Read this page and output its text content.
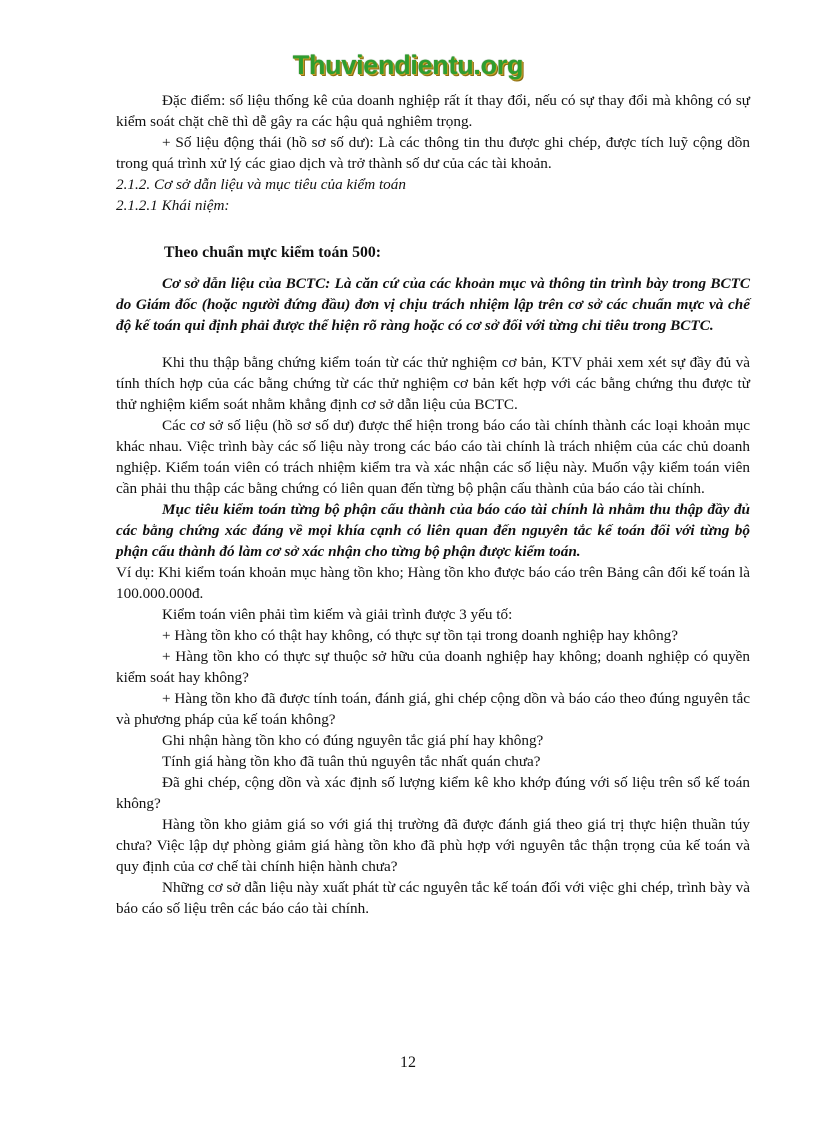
Thuviendientu.org

Đặc điểm: số liệu thống kê của doanh nghiệp rất ít thay đổi, nếu có sự thay đổi mà không có sự kiểm soát chặt chẽ thì dễ gây ra các hậu quả nghiêm trọng.

+ Số liệu động thái (hồ sơ số dư): Là các thông tin thu được ghi chép, được tích luỹ cộng dồn trong quá trình xử lý các giao dịch và trở thành số dư của các tài khoản.

2.1.2. Cơ sở dẫn liệu và mục tiêu của kiểm toán

2.1.2.1 Khái niệm:

Theo chuẩn mực kiểm toán 500:

Cơ sở dẫn liệu của BCTC: Là căn cứ của các khoản mục và thông tin trình bày trong BCTC do Giám đốc (hoặc người đứng đầu) đơn vị chịu trách nhiệm lập trên cơ sở các chuẩn mực và chế độ kế toán qui định phải được thể hiện rõ ràng hoặc có cơ sở đối với từng chỉ tiêu trong BCTC.

Khi thu thập bằng chứng kiểm toán từ các thử nghiệm cơ bản, KTV phải xem xét sự đầy đủ và tính thích hợp của các bằng chứng từ các thử nghiệm cơ bản kết hợp với các bằng chứng thu được từ thử nghiệm kiểm soát nhằm khẳng định cơ sở dẫn liệu của BCTC.

Các cơ sở số liệu (hồ sơ số dư) được thể hiện trong báo cáo tài chính thành các loại khoản mục khác nhau. Việc trình bày các số liệu này trong các báo cáo tài chính là trách nhiệm của các chủ doanh nghiệp. Kiểm toán viên có trách nhiệm kiểm tra và xác nhận các số liệu này. Muốn vậy kiểm toán viên cần phải thu thập các bằng chứng có liên quan đến từng bộ phận cấu thành của báo cáo tài chính.

Mục tiêu kiểm toán từng bộ phận cấu thành của báo cáo tài chính là nhằm thu thập đầy đủ các bằng chứng xác đáng về mọi khía cạnh có liên quan đến nguyên tắc kế toán đối với từng bộ phận cấu thành đó làm cơ sở xác nhận cho từng bộ phận được kiểm toán.

Ví dụ: Khi kiểm toán khoản mục hàng tồn kho; Hàng tồn kho được báo cáo trên Bảng cân đối kế toán là 100.000.000đ.

Kiểm toán viên phải tìm kiếm và giải trình được 3 yếu tố:

+ Hàng tồn kho có thật hay không, có thực sự tồn tại trong doanh nghiệp hay không?

+ Hàng tồn kho có thực sự thuộc sở hữu của doanh nghiệp hay không; doanh nghiệp có quyền kiểm soát hay không?

+ Hàng tồn kho đã được tính toán, đánh giá, ghi chép cộng dồn và báo cáo theo đúng nguyên tắc và phương pháp của kế toán không?

Ghi nhận hàng tồn kho có đúng nguyên tắc giá phí hay không?

Tính giá hàng tồn kho đã tuân thủ nguyên tắc nhất quán chưa?

Đã ghi chép, cộng dồn và xác định số lượng kiểm kê kho khớp đúng với số liệu trên sổ kế toán không?

Hàng tồn kho giảm giá so với giá thị trường đã được đánh giá theo giá trị thực hiện thuần túy chưa? Việc lập dự phòng giảm giá hàng tồn kho đã phù hợp với nguyên tắc thận trọng của kế toán và quy định của cơ chế tài chính hiện hành chưa?

Những cơ sở dẫn liệu này xuất phát từ các nguyên tắc kế toán đối với việc ghi chép, trình bày và báo cáo số liệu trên các báo cáo tài chính.

12
